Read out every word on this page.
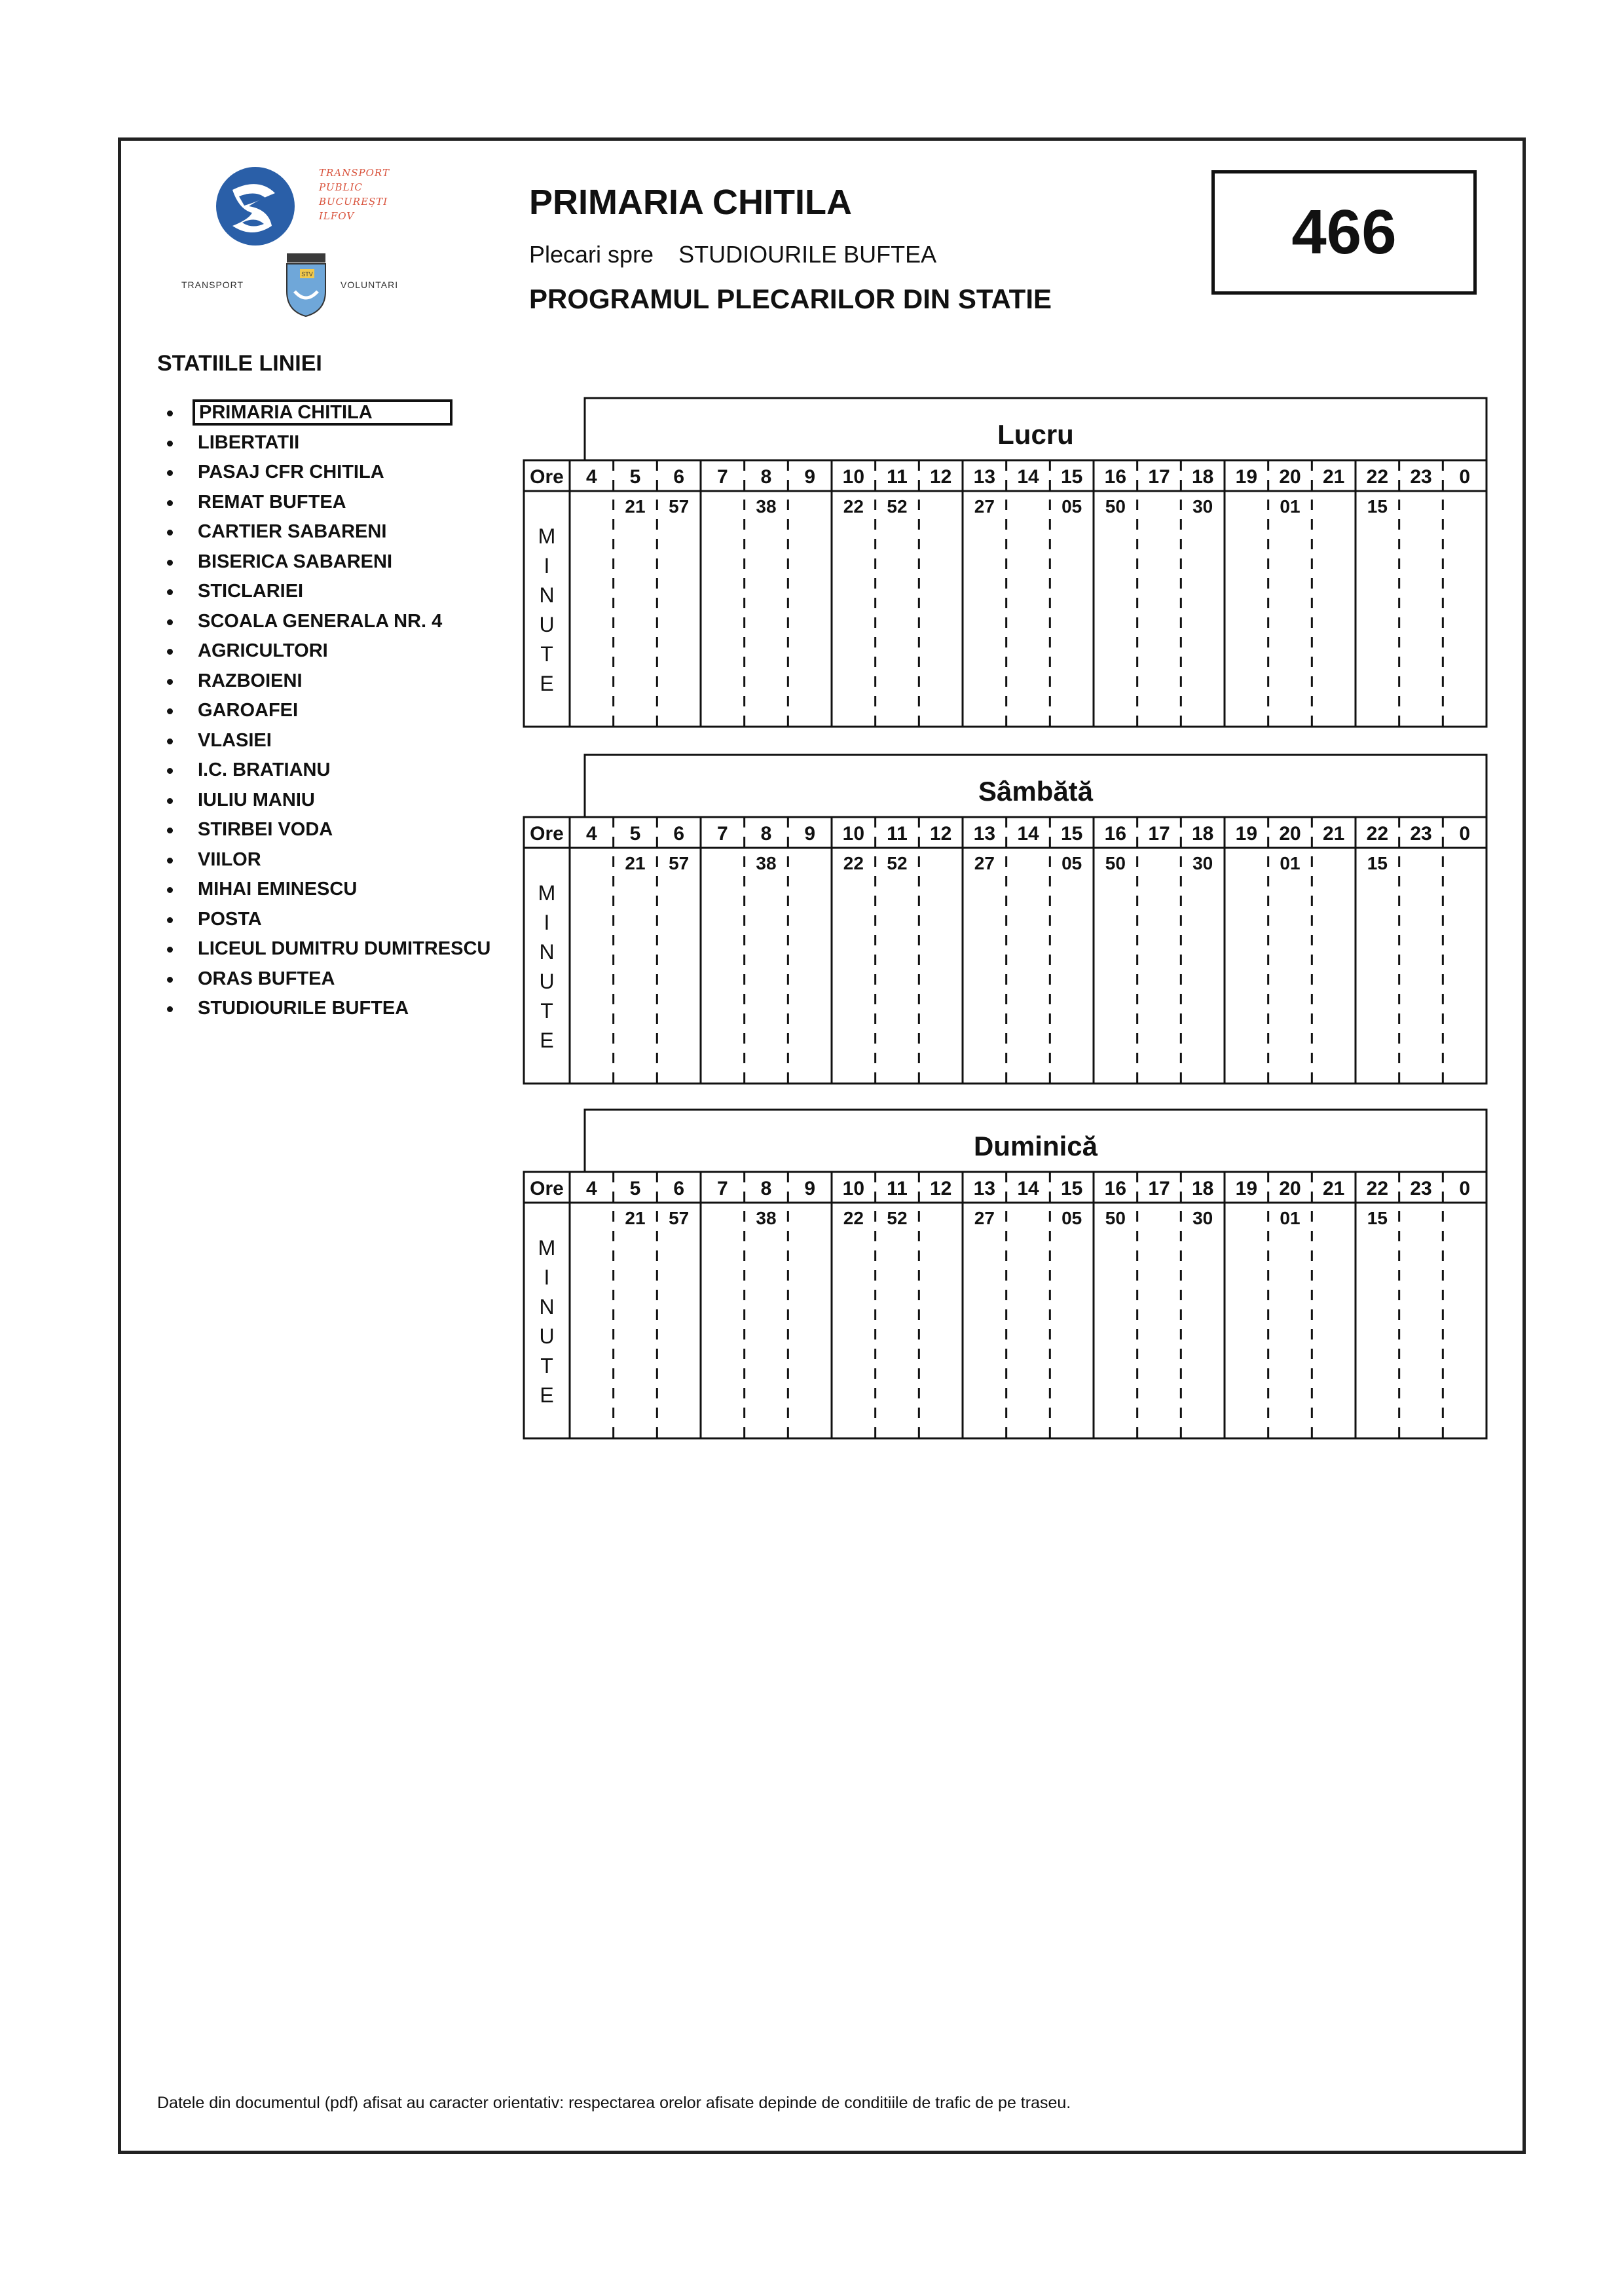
TRANSPORT
PUBLIC
BUCUREȘTI
ILFOV
TRANSPORT
STV
VOLUNTARI
PRIMARIA CHITILA
Plecari spre STUDIOURILE BUFTEA
PROGRAMUL PLECARILOR DIN STATIE
466
STATIILE LINIEI
PRIMARIA CHITILA
LIBERTATII
PASAJ CFR CHITILA
REMAT BUFTEA
CARTIER SABARENI
BISERICA SABARENI
STICLARIEI
SCOALA GENERALA NR. 4
AGRICULTORI
RAZBOIENI
GAROAFEI
VLASIEI
I.C. BRATIANU
IULIU MANIU
STIRBEI VODA
VIILOR
MIHAI EMINESCU
POSTA
LICEUL DUMITRU DUMITRESCU
ORAS BUFTEA
STUDIOURILE BUFTEA
Lucru
Ore
M
I
N
U
T
E
4 5
21
6
57
7 8
38
9 10
22
11
52
12 13
27
14 15
05
16
50
17 18
30
19 20
01
21 22
15
23 0
Sâmbătă
Ore
M
I
N
U
T
E
4 5
21
6
57
7 8
38
9 10
22
11
52
12 13
27
14 15
05
16
50
17 18
30
19 20
01
21 22
15
23 0
Duminică
Ore
M
I
N
U
T
E
4 5
21
6
57
7 8
38
9 10
22
11
52
12 13
27
14 15
05
16
50
17 18
30
19 20
01
21 22
15
23 0
Datele din documentul (pdf) afisat au caracter orientativ: respectarea orelor afisate depinde de conditiile de trafic de pe traseu.
